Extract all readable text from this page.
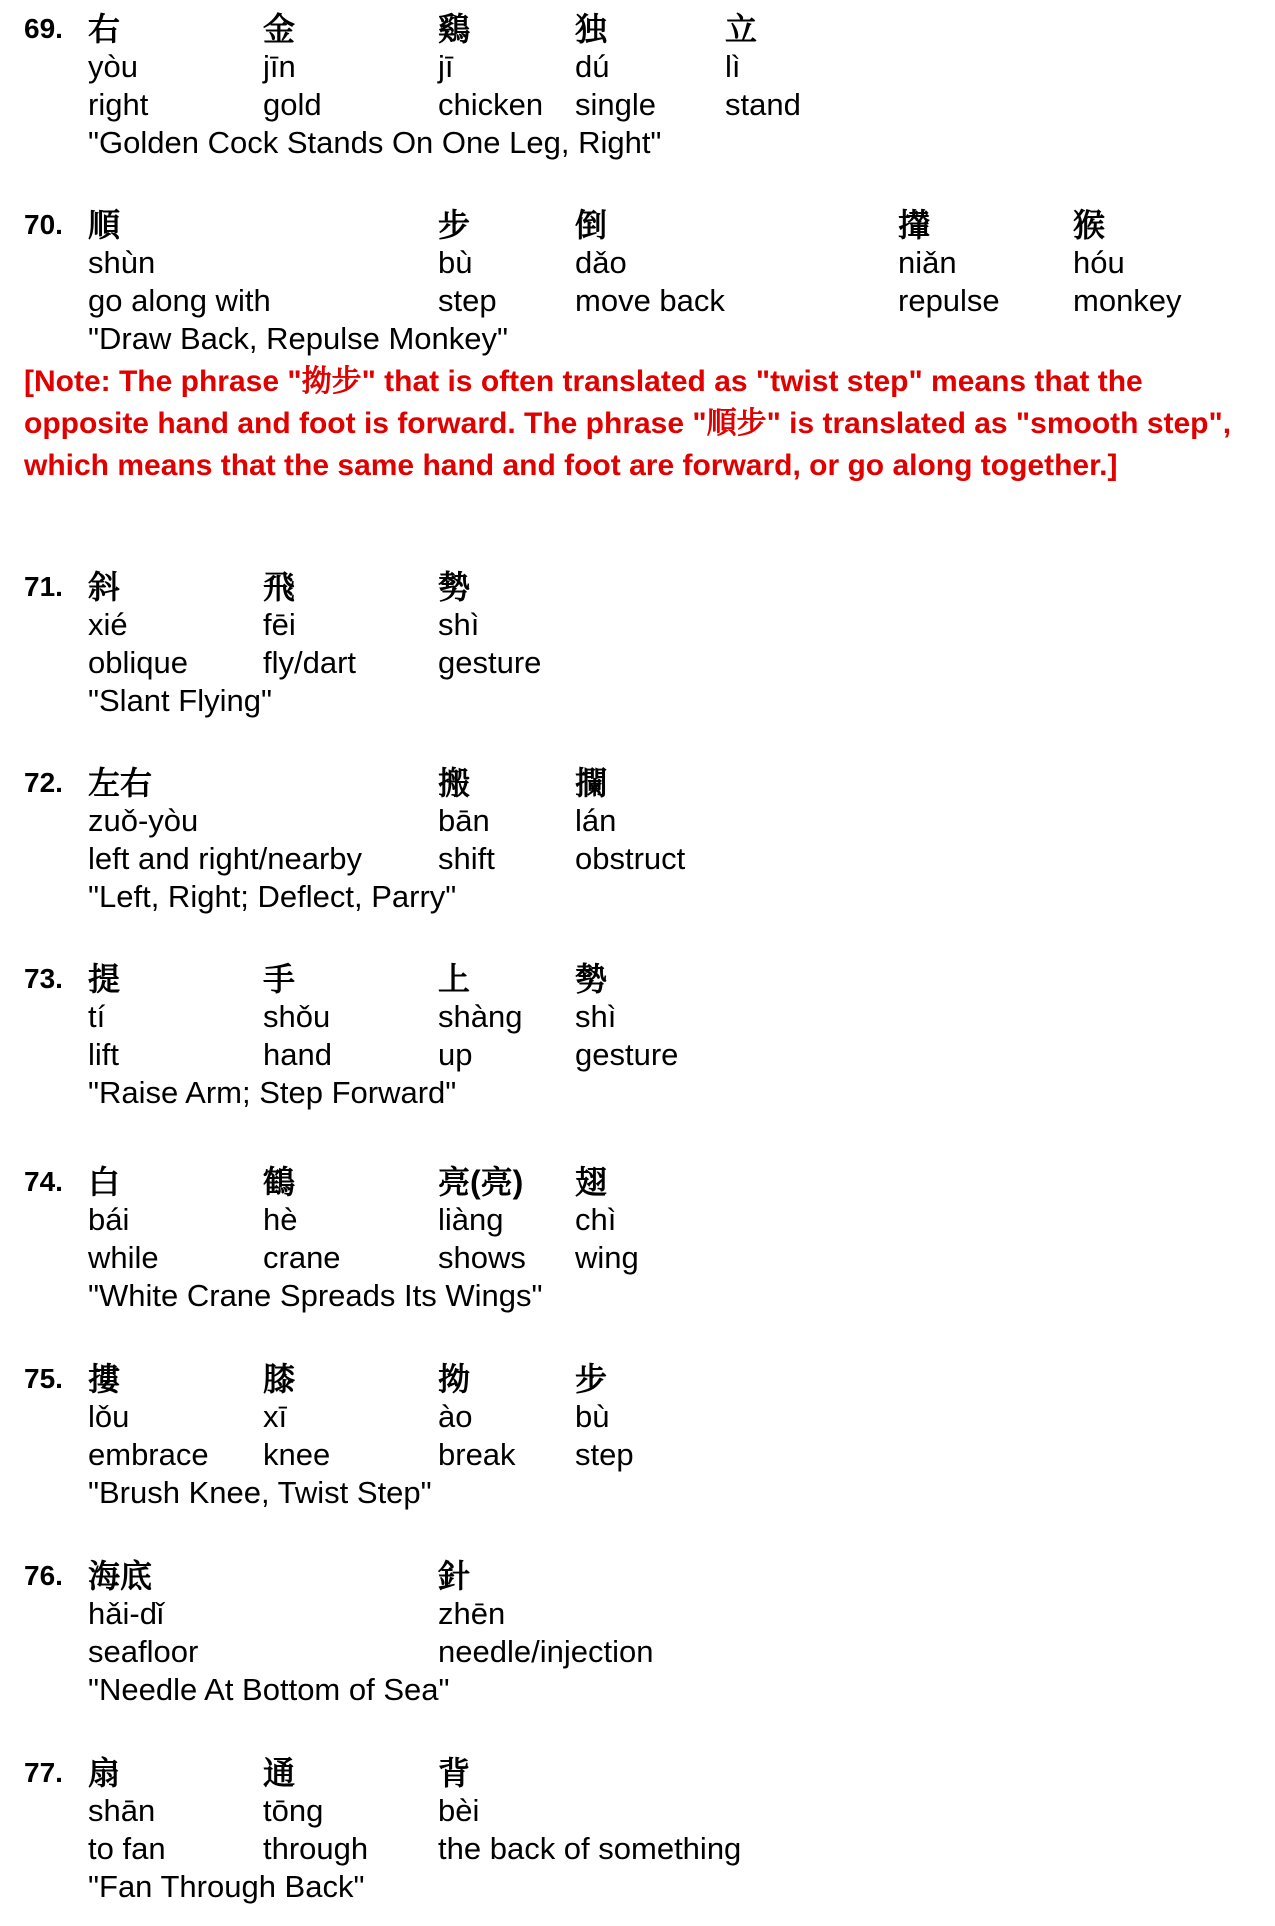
69. 右
yòu
right
金
jīn
gold
鷄
jī
chicken
独
dú
single
立
lì
stand
"Golden Cock Stands On One Leg, Right"
70. 順
shùn
go along with
步
bù
step
倒
dǎo
move back
攆
niǎn
repulse
猴
hóu
monkey
"Draw Back, Repulse Monkey"
[Note: The phrase "拗步" that is often translated as "twist step" means that the opposite hand and foot is forward. The phrase "順步" is translated as "smooth step", which means that the same hand and foot are forward, or go along together.]
71. 斜
xié
oblique
飛
fēi
fly/dart
勢
shì
gesture
"Slant Flying"
72. 左右
zuǒ-yòu
left and right/nearby
搬
bān
shift
攔
lán
obstruct
"Left, Right; Deflect, Parry"
73. 提
tí
lift
手
shǒu
hand
上
shàng
up
勢
shì
gesture
"Raise Arm; Step Forward"
74. 白
bái
while
鶴
hè
crane
亮(亮)
liàng
shows
翅
chì
wing
"White Crane Spreads Its Wings"
75. 摟
lǒu
embrace
膝
xī
knee
拗
ào
break
步
bù
step
"Brush Knee, Twist Step"
76. 海底
hǎi-dǐ
seafloor
針
zhēn
needle/injection
"Needle At Bottom of Sea"
77. 扇
shān
to fan
通
tōng
through
背
bèi
the back of something
"Fan Through Back"
